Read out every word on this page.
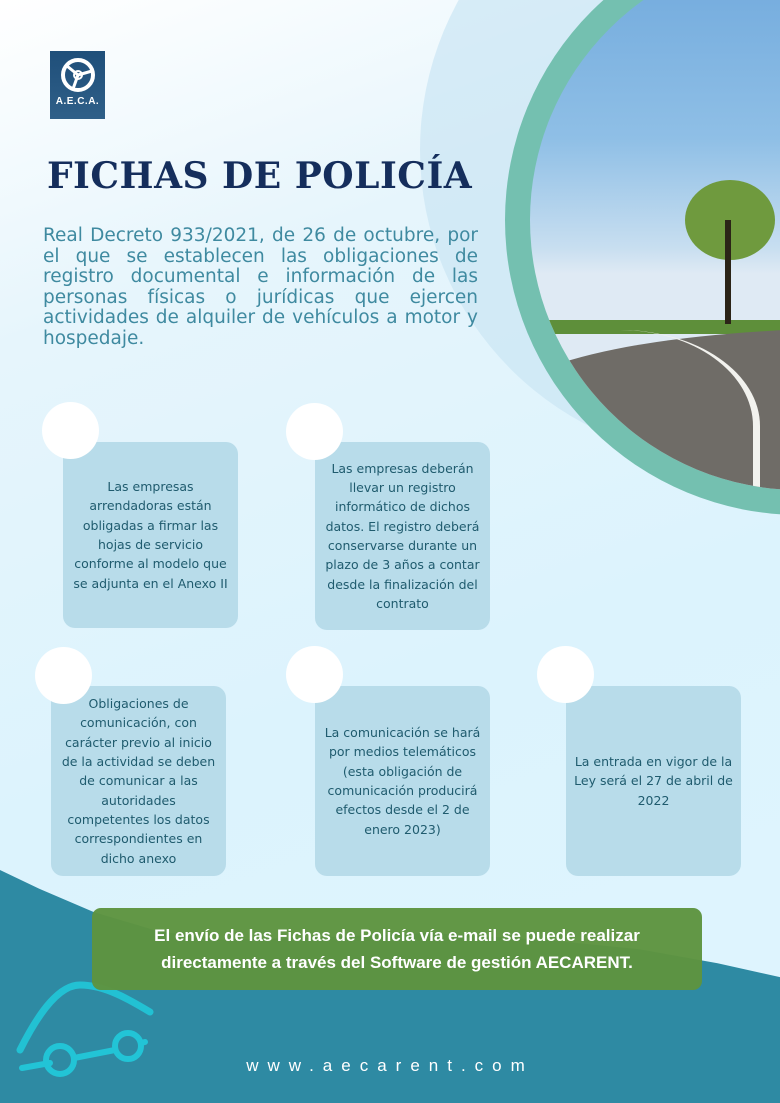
A.E.C.A.
FICHAS DE POLICÍA
Real Decreto 933/2021, de 26 de octubre, por el que se establecen las obligaciones de registro documental e información de las personas físicas o jurídicas que ejercen actividades de alquiler de vehículos a motor y hospedaje.
Las empresas arrendadoras están obligadas a firmar las hojas de servicio conforme al modelo que se adjunta en el Anexo II
Las empresas deberán llevar un registro informático de dichos datos. El registro deberá conservarse durante un plazo de 3 años a contar desde la finalización del contrato
Obligaciones de comunicación, con carácter previo al inicio de la actividad se deben de comunicar a las autoridades competentes los datos correspondientes en dicho anexo
La comunicación se hará por medios telemáticos (esta obligación de comunicación producirá efectos desde el 2 de enero 2023)
La entrada en vigor de la Ley será el 27 de abril de 2022
El envío de las Fichas de Policía vía e-mail se puede realizar
directamente a través del Software de gestión AECARENT.
www.aecarent.com
